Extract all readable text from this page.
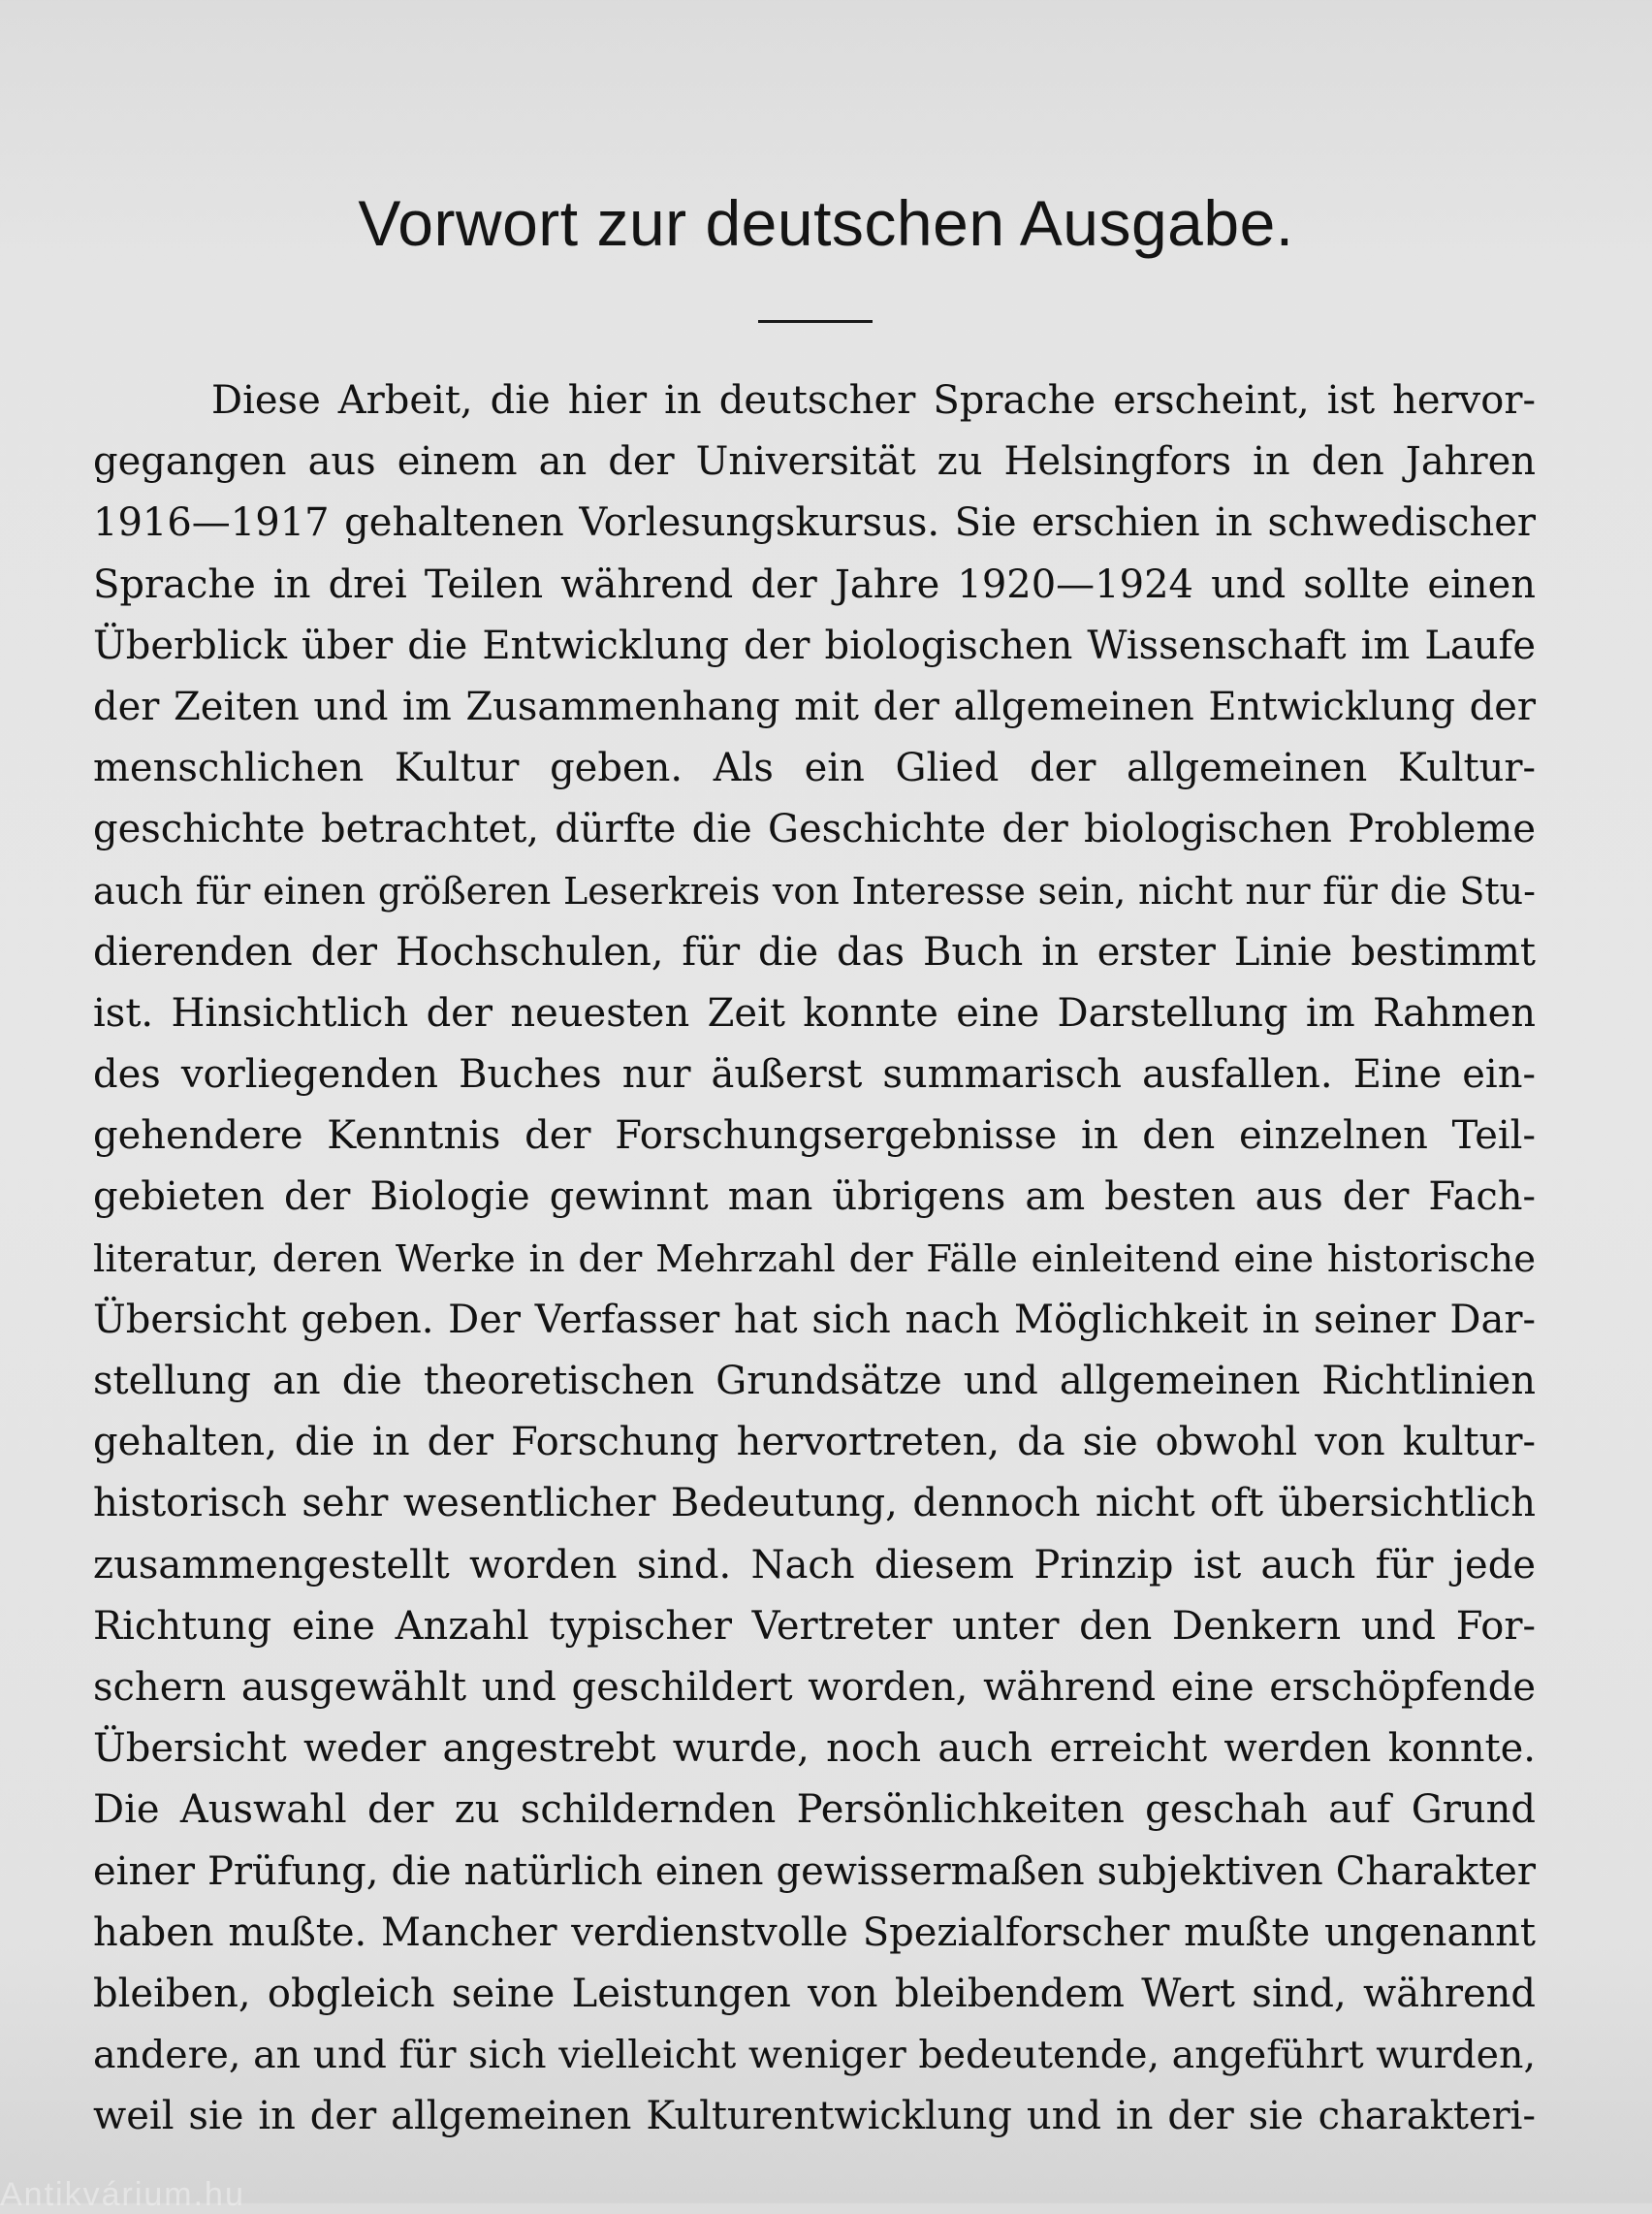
Vorwort zur deutschen Ausgabe.
Diese Arbeit, die hier in deutscher Sprache erscheint, ist hervor-
gegangen aus einem an der Universität zu Helsingfors in den Jahren
1916—1917 gehaltenen Vorlesungskursus. Sie erschien in schwedischer
Sprache in drei Teilen während der Jahre 1920—1924 und sollte einen
Überblick über die Entwicklung der biologischen Wissenschaft im Laufe
der Zeiten und im Zusammenhang mit der allgemeinen Entwicklung der
menschlichen Kultur geben. Als ein Glied der allgemeinen Kultur-
geschichte betrachtet, dürfte die Geschichte der biologischen Probleme
auch für einen größeren Leserkreis von Interesse sein, nicht nur für die Stu-
dierenden der Hochschulen, für die das Buch in erster Linie bestimmt
ist. Hinsichtlich der neuesten Zeit konnte eine Darstellung im Rahmen
des vorliegenden Buches nur äußerst summarisch ausfallen. Eine ein-
gehendere Kenntnis der Forschungsergebnisse in den einzelnen Teil-
gebieten der Biologie gewinnt man übrigens am besten aus der Fach-
literatur, deren Werke in der Mehrzahl der Fälle einleitend eine historische
Übersicht geben. Der Verfasser hat sich nach Möglichkeit in seiner Dar-
stellung an die theoretischen Grundsätze und allgemeinen Richtlinien
gehalten, die in der Forschung hervortreten, da sie obwohl von kultur-
historisch sehr wesentlicher Bedeutung, dennoch nicht oft übersichtlich
zusammengestellt worden sind. Nach diesem Prinzip ist auch für jede
Richtung eine Anzahl typischer Vertreter unter den Denkern und For-
schern ausgewählt und geschildert worden, während eine erschöpfende
Übersicht weder angestrebt wurde, noch auch erreicht werden konnte.
Die Auswahl der zu schildernden Persönlichkeiten geschah auf Grund
einer Prüfung, die natürlich einen gewissermaßen subjektiven Charakter
haben mußte. Mancher verdienstvolle Spezialforscher mußte ungenannt
bleiben, obgleich seine Leistungen von bleibendem Wert sind, während
andere, an und für sich vielleicht weniger bedeutende, angeführt wurden,
weil sie in der allgemeinen Kulturentwicklung und in der sie charakteri-
Antikvárium.hu
